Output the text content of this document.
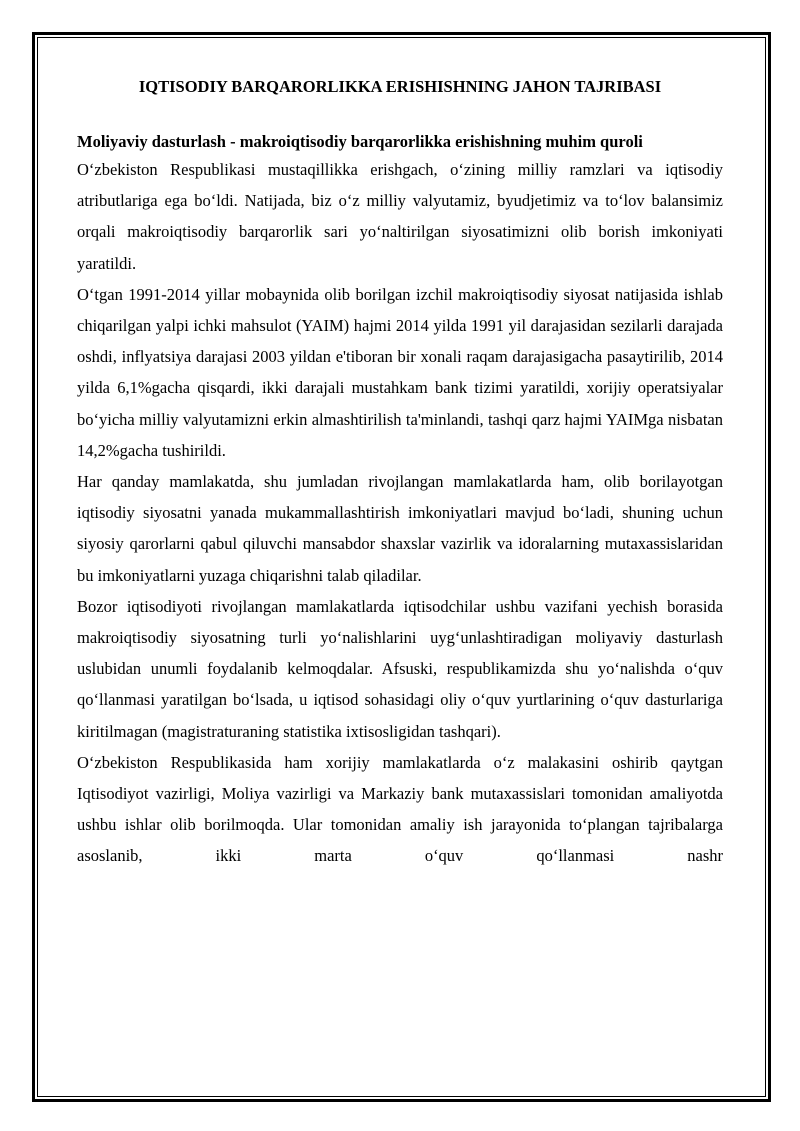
IQTISODIY BARQARORLIKKA ERISHISHNING JAHON TAJRIBASI

Moliyaviy dasturlash - makroiqtisodiy barqarorlikka erishishning muhim quroli

O‘zbekiston Respublikasi mustaqillikka erishgach, o‘zining milliy ramzlari va iqtisodiy atributlariga ega bo‘ldi. Natijada, biz o‘z milliy valyutamiz, byudjetimiz va to‘lov balansimiz orqali makroiqtisodiy barqarorlik sari yo‘naltirilgan siyosatimizni olib borish imkoniyati yaratildi.

O‘tgan 1991-2014 yillar mobaynida olib borilgan izchil makroiqtisodiy siyosat natijasida ishlab chiqarilgan yalpi ichki mahsulot (YAIM) hajmi 2014 yilda 1991 yil darajasidan sezilarli darajada oshdi, inflyatsiya darajasi 2003 yildan e'tiboran bir xonali raqam darajasigacha pasaytirilib, 2014 yilda 6,1%gacha qisqardi, ikki darajali mustahkam bank tizimi yaratildi, xorijiy operatsiyalar bo‘yicha milliy valyutamizni erkin almashtirilish ta'minlandi, tashqi qarz hajmi YAIMga nisbatan 14,2%gacha tushirildi.

Har qanday mamlakatda, shu jumladan rivojlangan mamlakatlarda ham, olib borilayotgan iqtisodiy siyosatni yanada mukammallashtirish imkoniyatlari mavjud bo‘ladi, shuning uchun siyosiy qarorlarni qabul qiluvchi mansabdor shaxslar vazirlik va idoralarning mutaxassislaridan bu imkoniyatlarni yuzaga chiqarishni talab qiladilar.

Bozor iqtisodiyoti rivojlangan mamlakatlarda iqtisodchilar ushbu vazifani yechish borasida makroiqtisodiy siyosatning turli yo‘nalishlarini uyg‘unlashtiradigan moliyaviy dasturlash uslubidan unumli foydalanib kelmoqdalar. Afsuski, respublikamizda shu yo‘nalishda o‘quv qo‘llanmasi yaratilgan bo‘lsada, u iqtisod sohasidagi oliy o‘quv yurtlarining o‘quv dasturlariga kiritilmagan (magistraturaning statistika ixtisosligidan tashqari).

O‘zbekiston Respublikasida ham xorijiy mamlakatlarda o‘z malakasini oshirib qaytgan Iqtisodiyot vazirligi, Moliya vazirligi va Markaziy bank mutaxassislari tomonidan amaliyotda ushbu ishlar olib borilmoqda. Ular tomonidan amaliy ish jarayonida to‘plangan tajribalarga asoslanib, ikki marta o‘quv qo‘llanmasi nashr
